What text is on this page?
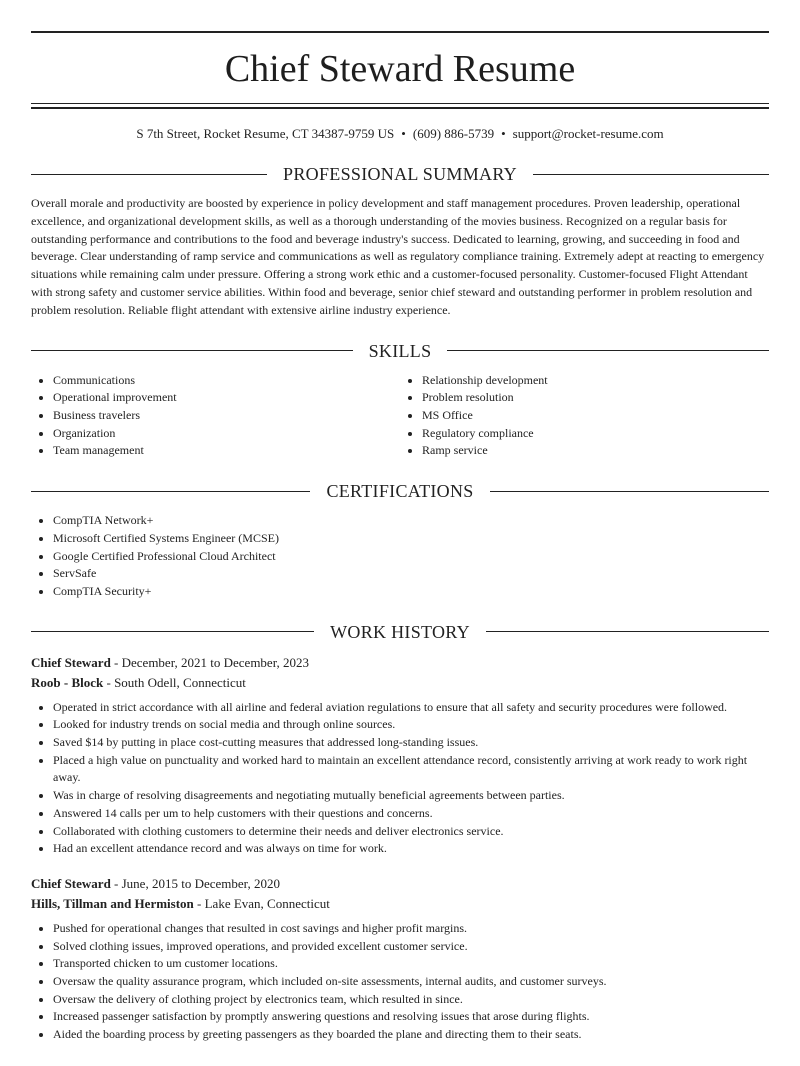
Chief Steward Resume
S 7th Street, Rocket Resume, CT 34387-9759 US • (609) 886-5739 • support@rocket-resume.com
PROFESSIONAL SUMMARY

Overall morale and productivity are boosted by experience in policy development and staff management procedures. Proven leadership, operational excellence, and organizational development skills, as well as a thorough understanding of the movies business. Recognized on a regular basis for outstanding performance and contributions to the food and beverage industry's success. Dedicated to learning, growing, and succeeding in food and beverage. Clear understanding of ramp service and communications as well as regulatory compliance training. Extremely adept at reacting to emergency situations while remaining calm under pressure. Offering a strong work ethic and a customer-focused personality. Customer-focused Flight Attendant with strong safety and customer service abilities. Within food and beverage, senior chief steward and outstanding performer in problem resolution and problem resolution. Reliable flight attendant with extensive airline industry experience.

SKILLS
• Communications
• Operational improvement
• Business travelers
• Organization
• Team management
• Relationship development
• Problem resolution
• MS Office
• Regulatory compliance
• Ramp service
CERTIFICATIONS
• CompTIA Network+
• Microsoft Certified Systems Engineer (MCSE)
• Google Certified Professional Cloud Architect
• ServSafe
• CompTIA Security+
WORK HISTORY
Chief Steward - December, 2021 to December, 2023
Roob - Block - South Odell, Connecticut
• Operated in strict accordance with all airline and federal aviation regulations to ensure that all safety and security procedures were followed.
• Looked for industry trends on social media and through online sources.
• Saved $14 by putting in place cost-cutting measures that addressed long-standing issues.
• Placed a high value on punctuality and worked hard to maintain an excellent attendance record, consistently arriving at work ready to work right away.
• Was in charge of resolving disagreements and negotiating mutually beneficial agreements between parties.
• Answered 14 calls per um to help customers with their questions and concerns.
• Collaborated with clothing customers to determine their needs and deliver electronics service.
• Had an excellent attendance record and was always on time for work.
Chief Steward - June, 2015 to December, 2020
Hills, Tillman and Hermiston - Lake Evan, Connecticut
• Pushed for operational changes that resulted in cost savings and higher profit margins.
• Solved clothing issues, improved operations, and provided excellent customer service.
• Transported chicken to um customer locations.
• Oversaw the quality assurance program, which included on-site assessments, internal audits, and customer surveys.
• Oversaw the delivery of clothing project by electronics team, which resulted in since.
• Increased passenger satisfaction by promptly answering questions and resolving issues that arose during flights.
• Aided the boarding process by greeting passengers as they boarded the plane and directing them to their seats.
